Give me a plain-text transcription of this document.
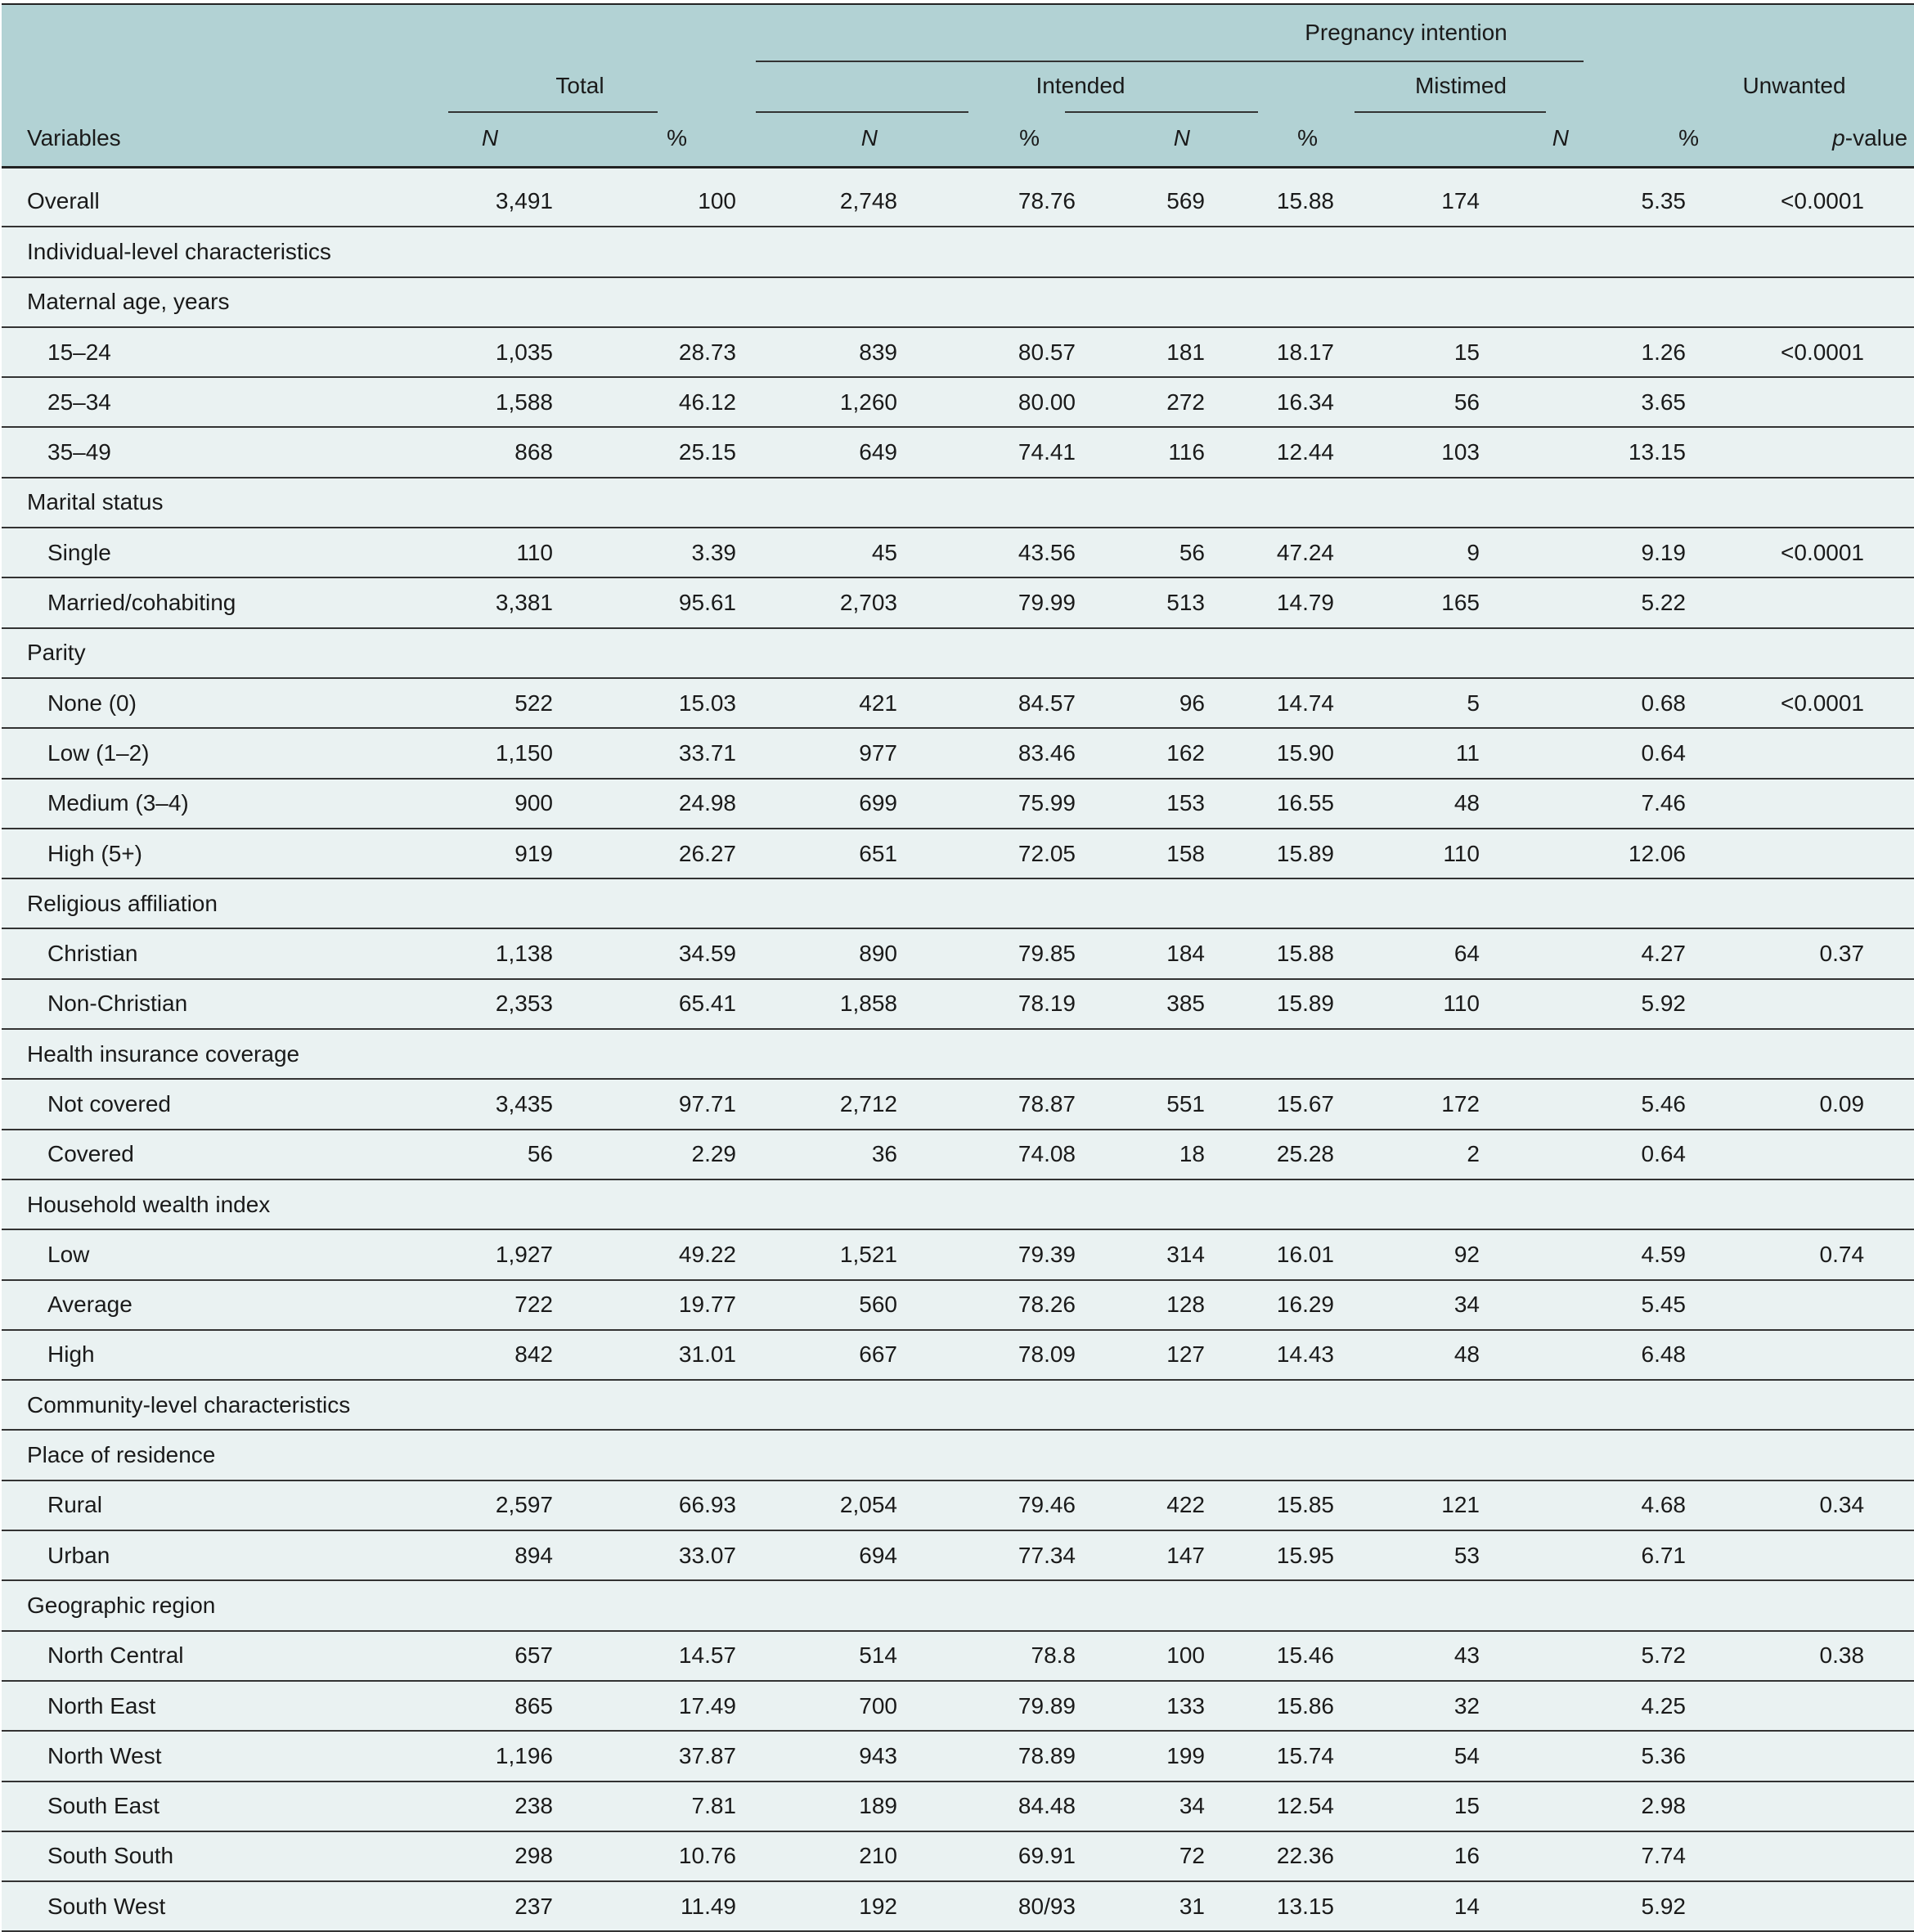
						Pregnancy intention									

	Total					Intended			Mistimed			Unwanted			
Variables	N	%	N		%		N	%	N		%		p-value		

Overall	3,491	100		2,748	78.76		569	15.88	174	5.35			<0.0001		
Individual-level characteristics															
Maternal age, years															
15–24	1,035	28.73		839	80.57		181	18.17	15	1.26			<0.0001		
25–34	1,588	46.12		1,260	80.00		272	16.34	56	3.65					
35–49	868	25.15		649	74.41		116	12.44	103	13.15					
Marital status															
Single	110	3.39		45	43.56		56	47.24	9	9.19			<0.0001		
Married/cohabiting	3,381	95.61		2,703	79.99		513	14.79	165	5.22					
Parity															
None (0)	522	15.03		421	84.57		96	14.74	5	0.68			<0.0001		
Low (1–2)	1,150	33.71		977	83.46		162	15.90	11	0.64					
Medium (3–4)	900	24.98		699	75.99		153	16.55	48	7.46					
High (5+)	919	26.27		651	72.05		158	15.89	110	12.06					
Religious affiliation															
Christian	1,138	34.59		890	79.85		184	15.88	64	4.27			0.37		
Non-Christian	2,353	65.41		1,858	78.19		385	15.89	110	5.92					
Health insurance coverage															
Not covered	3,435	97.71		2,712	78.87		551	15.67	172	5.46			0.09		
Covered	56	2.29		36	74.08		18	25.28	2	0.64					
Household wealth index															
Low	1,927	49.22		1,521	79.39		314	16.01	92	4.59			0.74		
Average	722	19.77		560	78.26		128	16.29	34	5.45					
High	842	31.01		667	78.09		127	14.43	48	6.48					
Community-level characteristics															
Place of residence															
Rural	2,597	66.93		2,054	79.46		422	15.85	121	4.68			0.34		
Urban	894	33.07		694	77.34		147	15.95	53	6.71					
Geographic region															
North Central	657	14.57		514	78.8		100	15.46	43	5.72			0.38		
North East	865	17.49		700	79.89		133	15.86	32	4.25					
North West	1,196	37.87		943	78.89		199	15.74	54	5.36					
South East	238	7.81		189	84.48		34	12.54	15	2.98					
South South	298	10.76		210	69.91		72	22.36	16	7.74					
South West	237	11.49		192	80/93		31	13.15	14	5.92					
